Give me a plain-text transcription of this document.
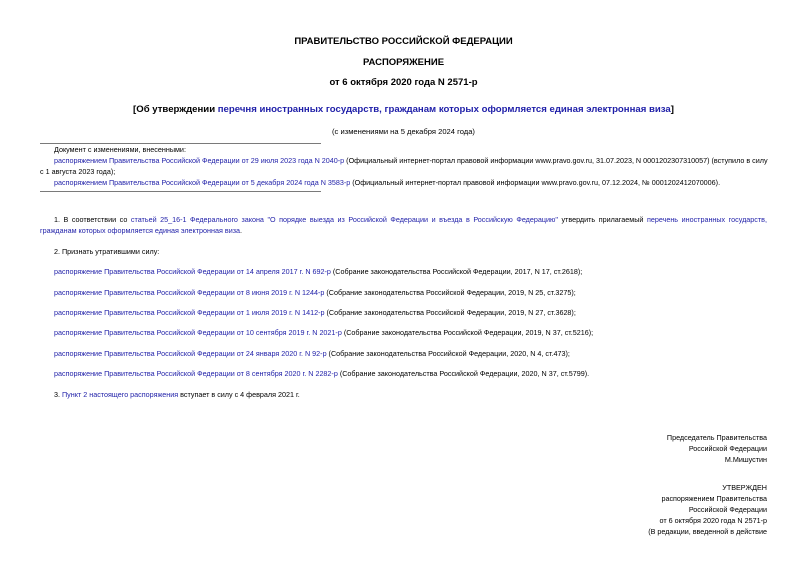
ПРАВИТЕЛЬСТВО РОССИЙСКОЙ ФЕДЕРАЦИИ
РАСПОРЯЖЕНИЕ
от 6 октября 2020 года N 2571-р
[Об утверждении перечня иностранных государств, гражданам которых оформляется единая электронная виза]
(с изменениями на 5 декабря 2024 года)
Документ с изменениями, внесенными:
распоряжением Правительства Российской Федерации от 29 июля 2023 года N 2040-р (Официальный интернет-портал правовой информации www.pravo.gov.ru, 31.07.2023, N 0001202307310057) (вступило в силу
с 1 августа 2023 года);
распоряжением Правительства Российской Федерации от 5 декабря 2024 года N 3583-р (Официальный интернет-портал правовой информации www.pravo.gov.ru, 07.12.2024, № 0001202412070006).
1. В соответствии со статьей 25_16-1 Федерального закона "О порядке выезда из Российской Федерации и въезда в Российскую Федерацию" утвердить прилагаемый перечень иностранных государств,
гражданам которых оформляется единая электронная виза.
2. Признать утратившими силу:
распоряжение Правительства Российской Федерации от 14 апреля 2017 г. N 692-р (Собрание законодательства Российской Федерации, 2017, N 17, ст.2618);
распоряжение Правительства Российской Федерации от 8 июня 2019 г. N 1244-р (Собрание законодательства Российской Федерации, 2019, N 25, ст.3275);
распоряжение Правительства Российской Федерации от 1 июля 2019 г. N 1412-р (Собрание законодательства Российской Федерации, 2019, N 27, ст.3628);
распоряжение Правительства Российской Федерации от 10 сентября 2019 г. N 2021-р (Собрание законодательства Российской Федерации, 2019, N 37, ст.5216);
распоряжение Правительства Российской Федерации от 24 января 2020 г. N 92-р (Собрание законодательства Российской Федерации, 2020, N 4, ст.473);
распоряжение Правительства Российской Федерации от 8 сентября 2020 г. N 2282-р (Собрание законодательства Российской Федерации, 2020, N 37, ст.5799).
3. Пункт 2 настоящего распоряжения вступает в силу с 4 февраля 2021 г.
Председатель Правительства
Российской Федерации
М.Мишустин
УТВЕРЖДЕН
распоряжением Правительства
Российской Федерации
от 6 октября 2020 года N 2571-р
(В редакции, введенной в действие
